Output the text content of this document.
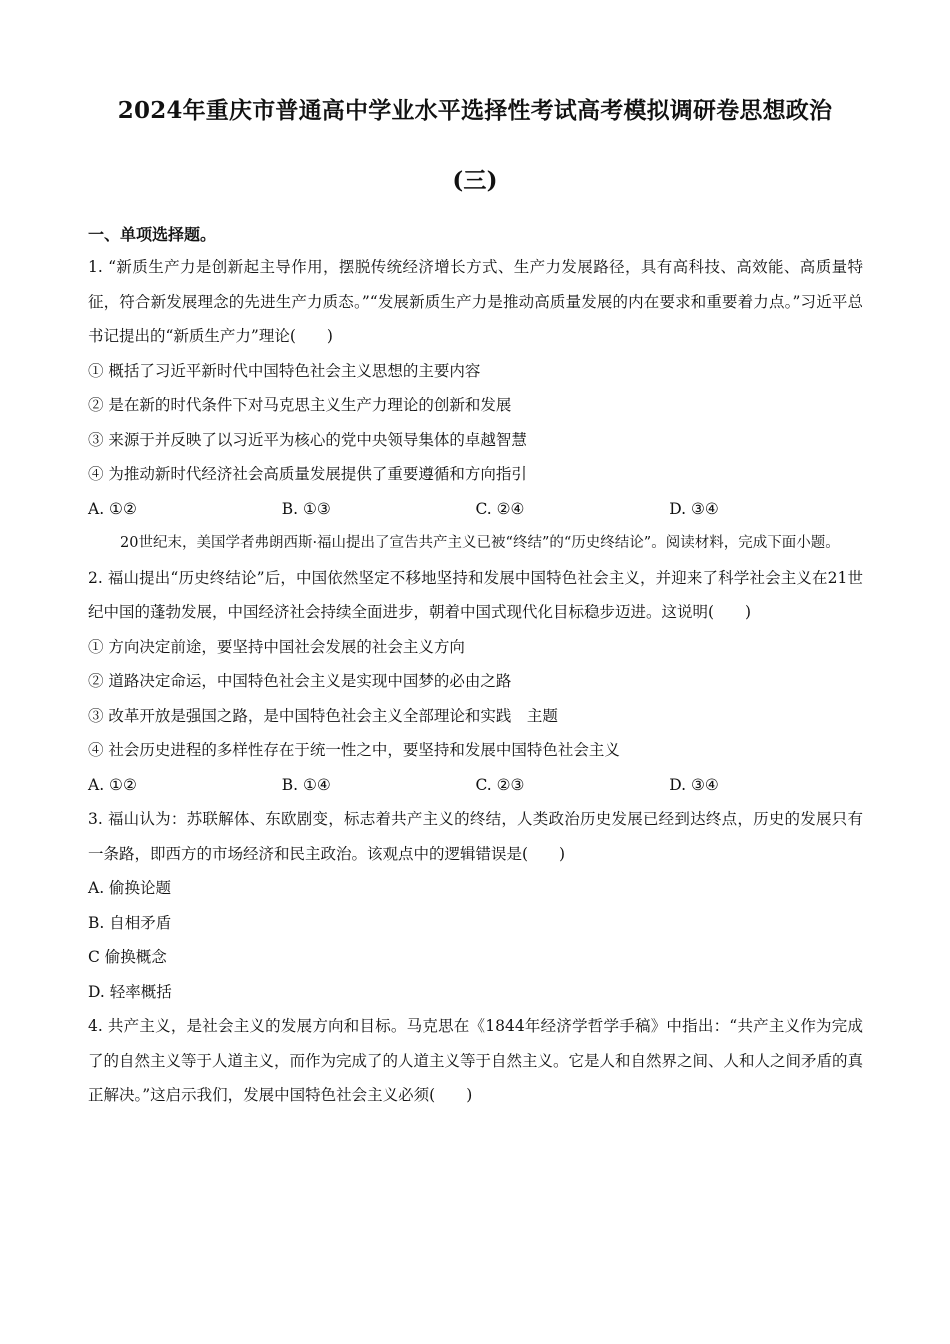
2024年重庆市普通高中学业水平选择性考试高考模拟调研卷思想政治
(三)
一、单项选择题。

1. “新质生产力是创新起主导作用，摆脱传统经济增长方式、生产力发展路径，具有高科技、高效能、高质量特征，符合新发展理念的先进生产力质态。”“发展新质生产力是推动高质量发展的内在要求和重要着力点。”习近平总书记提出的“新质生产力”理论(　　)

① 概括了习近平新时代中国特色社会主义思想的主要内容

② 是在新的时代条件下对马克思主义生产力理论的创新和发展

③ 来源于并反映了以习近平为核心的党中央领导集体的卓越智慧

④ 为推动新时代经济社会高质量发展提供了重要遵循和方向指引

A. ①②	B. ①③	C. ②④	D. ③④

20世纪末，美国学者弗朗西斯·福山提出了宣告共产主义已被“终结”的“历史终结论”。阅读材料，完成下面小题。

2. 福山提出“历史终结论”后，中国依然坚定不移地坚持和发展中国特色社会主义，并迎来了科学社会主义在21世纪中国的蓬勃发展，中国经济社会持续全面进步，朝着中国式现代化目标稳步迈进。这说明(　　)

① 方向决定前途，要坚持中国社会发展的社会主义方向

② 道路决定命运，中国特色社会主义是实现中国梦的必由之路

③ 改革开放是强国之路，是中国特色社会主义全部理论和实践　主题

④ 社会历史进程的多样性存在于统一性之中，要坚持和发展中国特色社会主义

A. ①②	B. ①④	C. ②③	D. ③④

3. 福山认为：苏联解体、东欧剧变，标志着共产主义的终结，人类政治历史发展已经到达终点，历史的发展只有一条路，即西方的市场经济和民主政治。该观点中的逻辑错误是(　　)

A. 偷换论题

B. 自相矛盾

C 偷换概念

D. 轻率概括

4. 共产主义，是社会主义的发展方向和目标。马克思在《1844年经济学哲学手稿》中指出：“共产主义作为完成了的自然主义等于人道主义，而作为完成了的人道主义等于自然主义。它是人和自然界之间、人和人之间矛盾的真正解决。”这启示我们，发展中国特色社会主义必须(　　)
